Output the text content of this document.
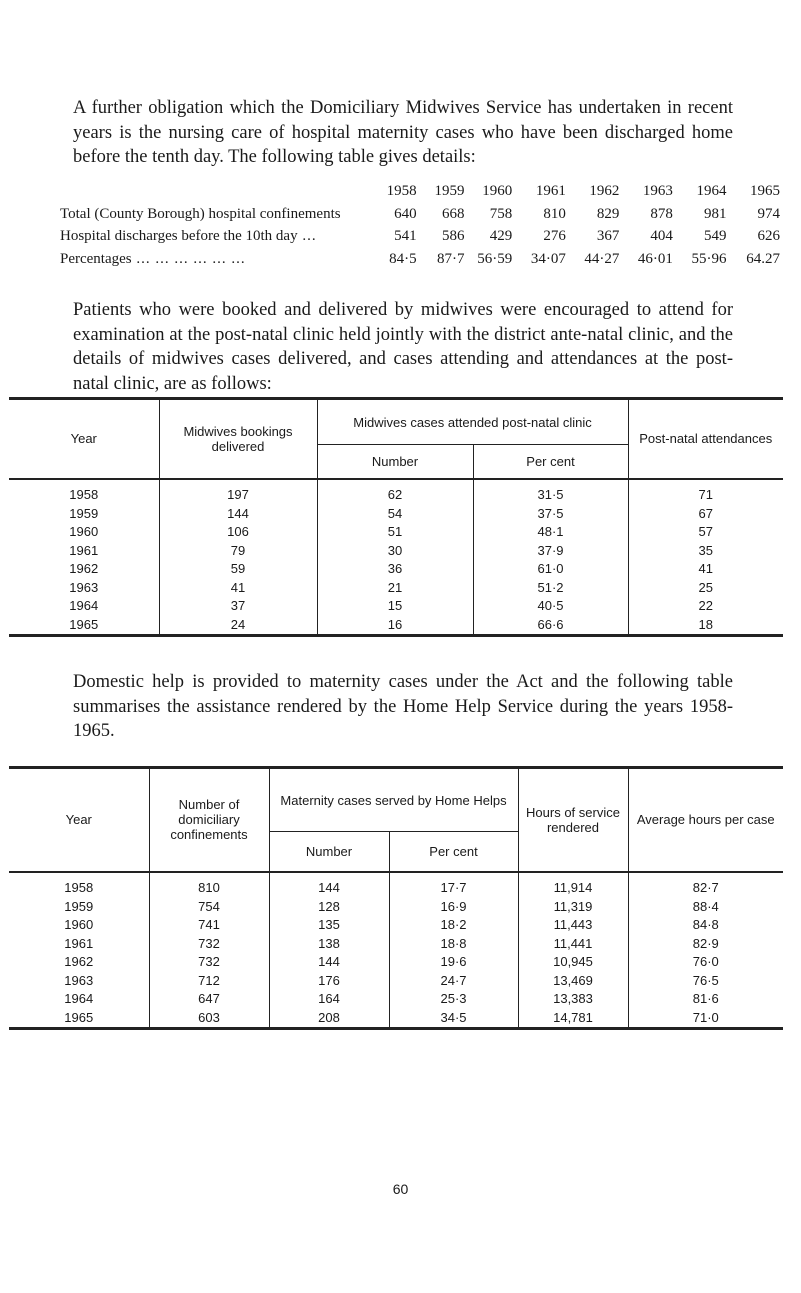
A further obligation which the Domiciliary Midwives Service has undertaken in recent years is the nursing care of hospital maternity cases who have been discharged home before the tenth day. The following table gives details:

1958	1959	1960	1961	1962	1963	1964	1965
Total (County Borough) hospital confinements	640	668	758	810	829	878	981	974
Hospital discharges before the 10th day ...	541	586	429	276	367	404	549	626
Percentages ... ... ... ... ... ...	84·5	87·7 56·59	34·07	44·27	46·01	55·96	64.27

Patients who were booked and delivered by midwives were encouraged to attend for examination at the post-natal clinic held jointly with the district ante-natal clinic, and the details of midwives cases delivered, and cases attending and attendances at the post-natal clinic, are as follows:

Year	Midwives bookings delivered	Midwives cases attended post-natal clinic		Post-natal attendances
		Number	Per cent	
1958	197	62	31·5	71
1959	144	54	37·5	67
1960	106	51	48·1	57
1961	79	30	37·9	35
1962	59	36	61·0	41
1963	41	21	51·2	25
1964	37	15	40·5	22
1965	24	16	66·6	18

Domestic help is provided to maternity cases under the Act and the following table summarises the assistance rendered by the Home Help Service during the years 1958-1965.

Year	Number of domiciliary confinements	Maternity cases served by Home Helps		Hours of service rendered	Average hours per case
		Number	Per cent		
1958	810	144	17·7	11,914	82·7
1959	754	128	16·9	11,319	88·4
1960	741	135	18·2	11,443	84·8
1961	732	138	18·8	11,441	82·9
1962	732	144	19·6	10,945	76·0
1963	712	176	24·7	13,469	76·5
1964	647	164	25·3	13,383	81·6
1965	603	208	34·5	14,781	71·0
60
